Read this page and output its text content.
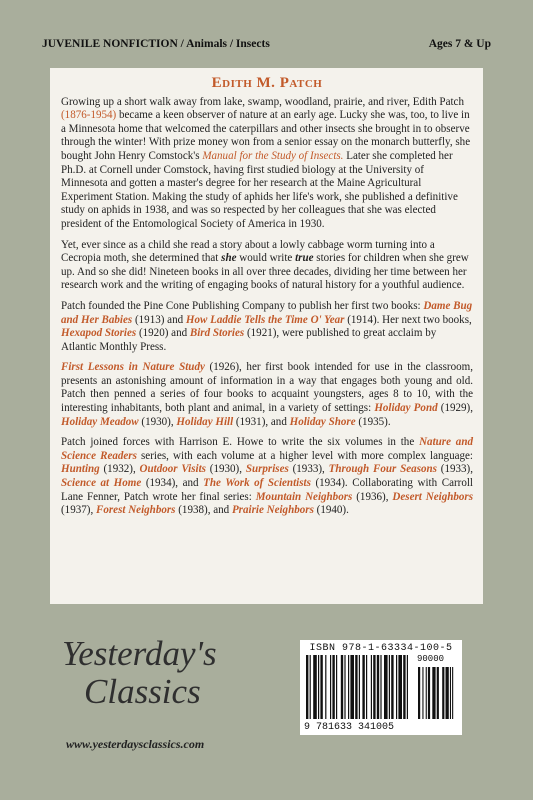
JUVENILE NONFICTION / Animals / Insects	Ages 7 & Up
Edith M. Patch

Growing up a short walk away from lake, swamp, woodland, prairie, and river, Edith Patch (1876-1954) became a keen observer of nature at an early age. Lucky she was, too, to live in a Minnesota home that welcomed the caterpillars and other insects she brought in to observe through the winter! With prize money won from a senior essay on the monarch butterfly, she bought John Henry Comstock's Manual for the Study of Insects. Later she completed her Ph.D. at Cornell under Comstock, having first studied biology at the University of Minnesota and gotten a master's degree for her research at the Maine Agricultural Experiment Station. Making the study of aphids her life's work, she published a definitive study on aphids in 1938, and was so respected by her colleagues that she was elected president of the Entomological Society of America in 1930.

Yet, ever since as a child she read a story about a lowly cabbage worm turning into a Cecropia moth, she determined that she would write true stories for children when she grew up. And so she did! Nineteen books in all over three decades, dividing her time between her research work and the writing of engaging books of natural history for a youthful audience.

Patch founded the Pine Cone Publishing Company to publish her first two books: Dame Bug and Her Babies (1913) and How Laddie Tells the Time O' Year (1914). Her next two books, Hexapod Stories (1920) and Bird Stories (1921), were published to great acclaim by Atlantic Monthly Press.

First Lessons in Nature Study (1926), her first book intended for use in the classroom, presents an astonishing amount of information in a way that engages both young and old. Patch then penned a series of four books to acquaint youngsters, ages 8 to 10, with the interesting inhabitants, both plant and animal, in a variety of settings: Holiday Pond (1929), Holiday Meadow (1930), Holiday Hill (1931), and Holiday Shore (1935).

Patch joined forces with Harrison E. Howe to write the six volumes in the Nature and Science Readers series, with each volume at a higher level with more complex language: Hunting (1932), Outdoor Visits (1930), Surprises (1933), Through Four Seasons (1933), Science at Home (1934), and The Work of Scientists (1934). Collaborating with Carroll Lane Fenner, Patch wrote her final series: Mountain Neighbors (1936), Desert Neighbors (1937), Forest Neighbors (1938), and Prairie Neighbors (1940).

Yesterday's
Classics
www.yesterdaysclassics.com
ISBN 978-1-63334-100-5
90000
9 781633 341005
